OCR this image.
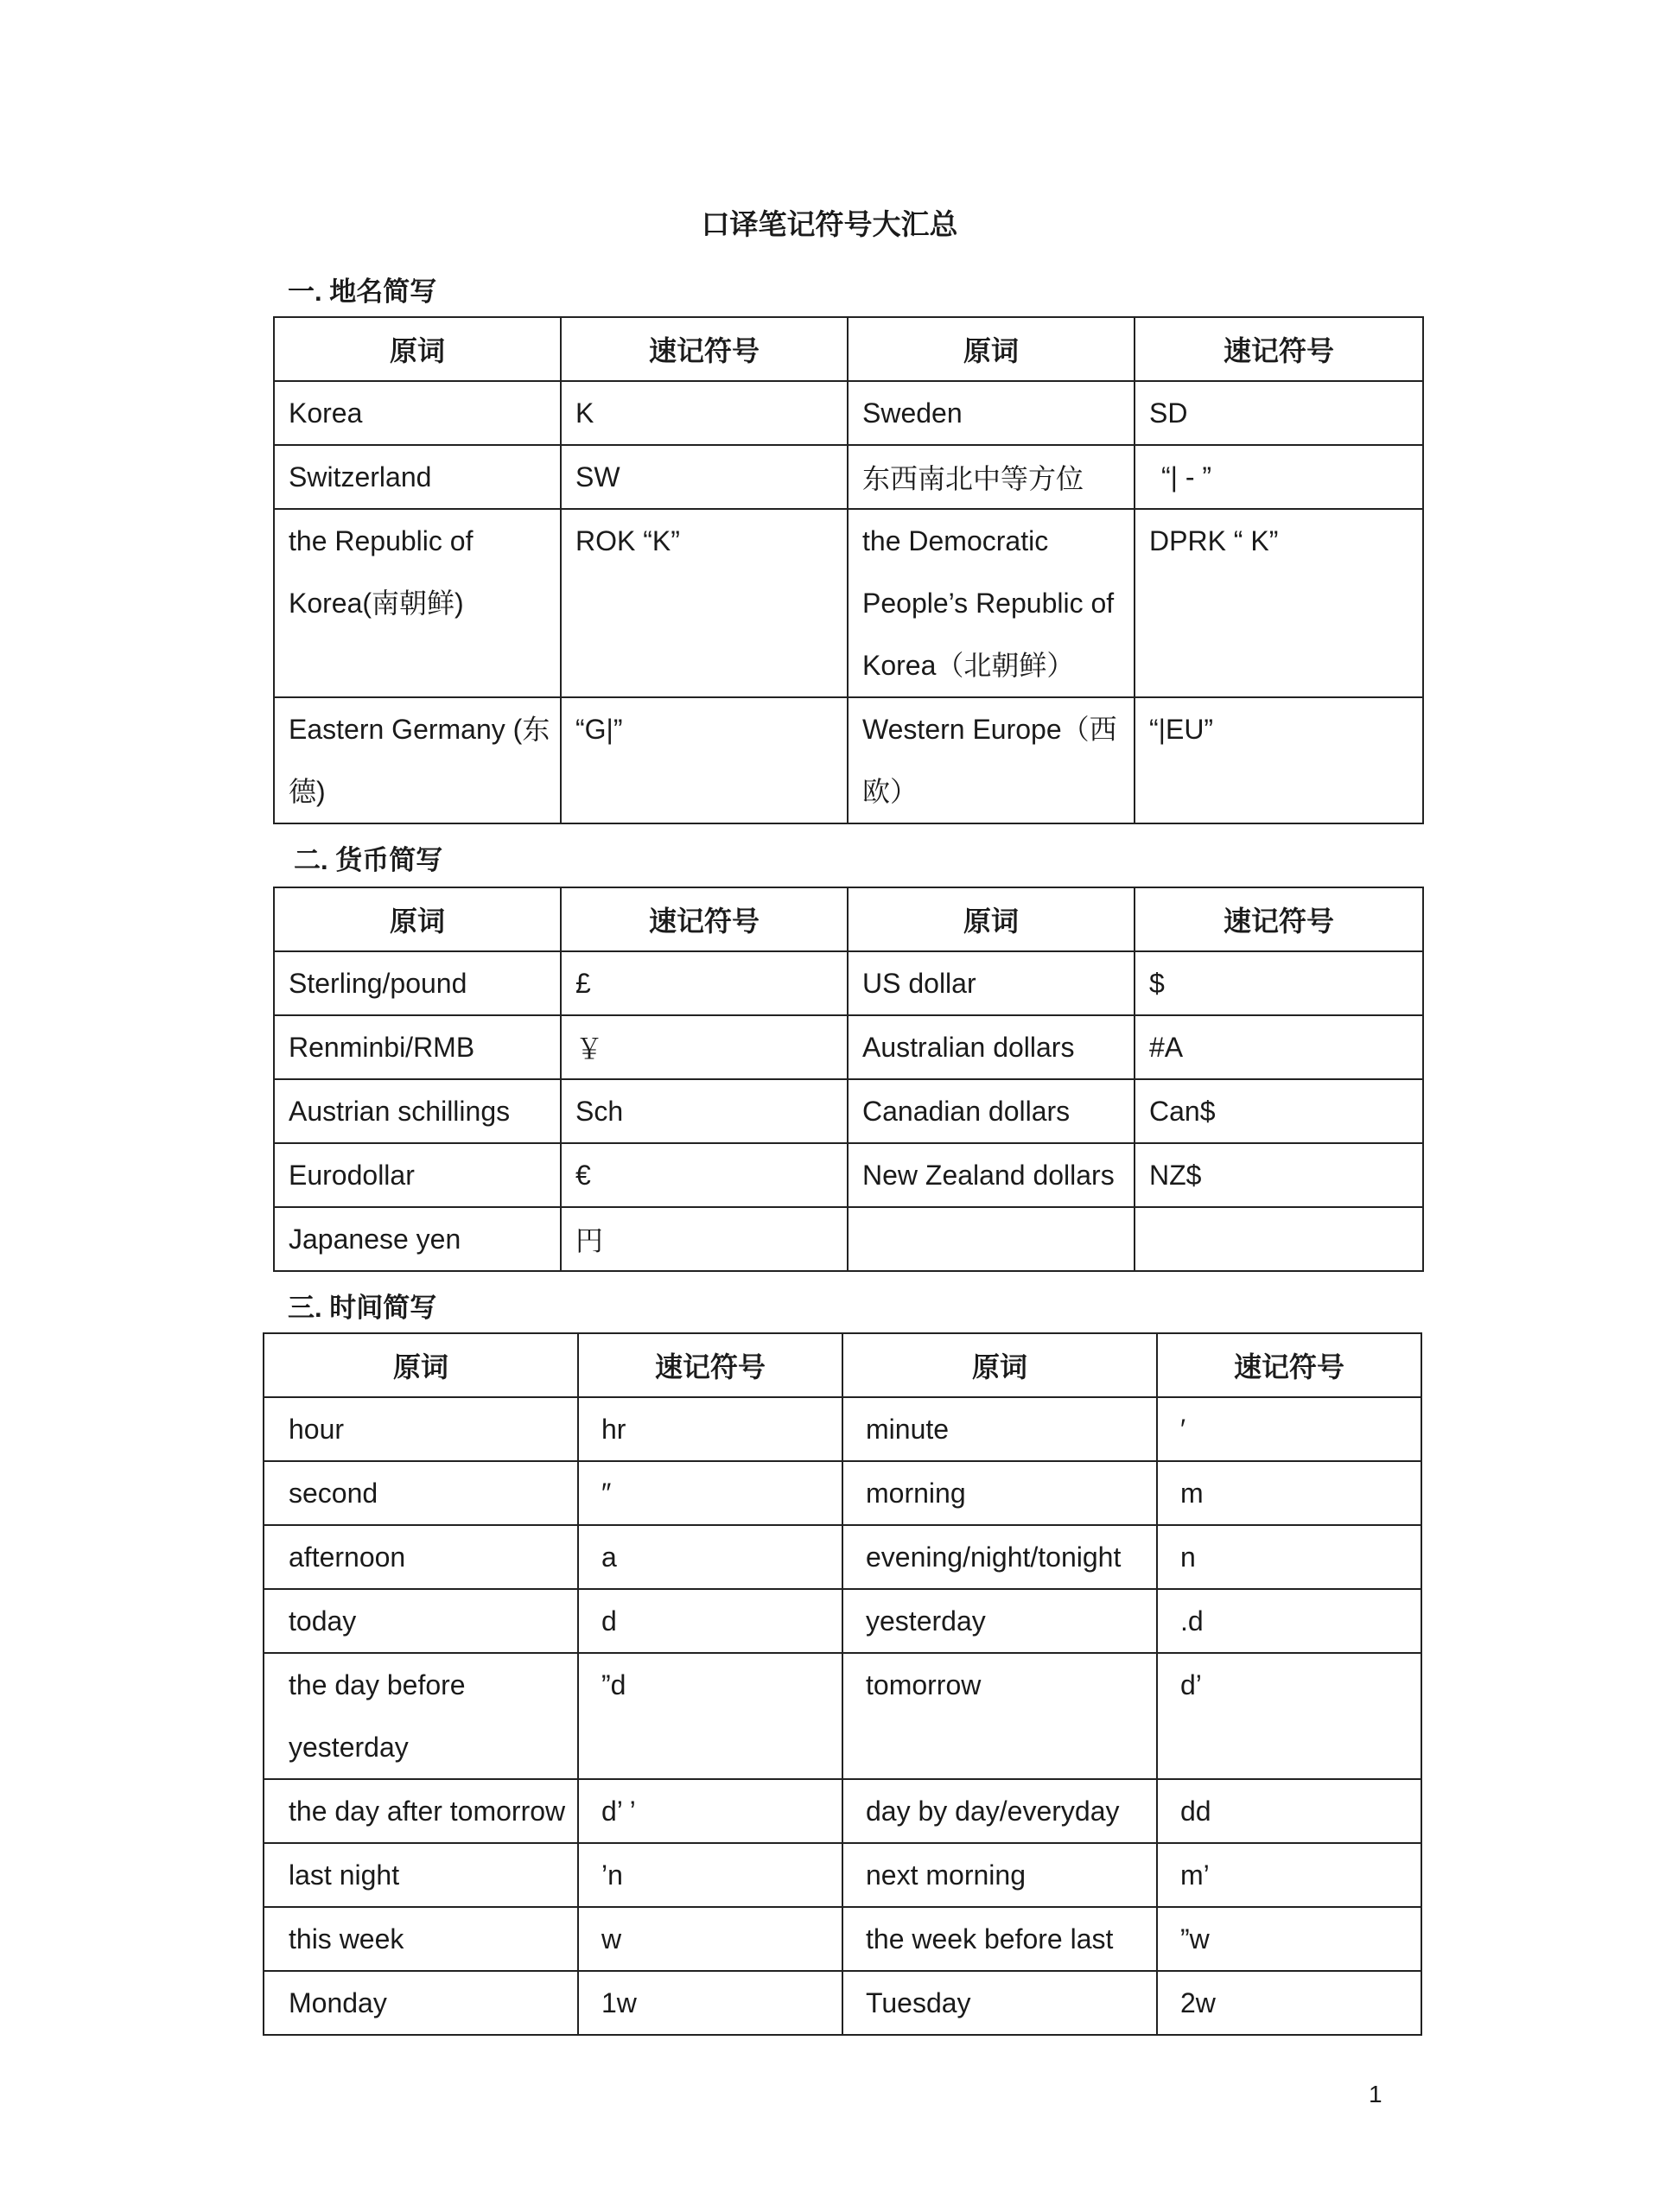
口译笔记符号大汇总
一. 地名简写
原词	速记符号	原词	速记符号
Korea	K	Sweden	SD
Switzerland	SW	东西南北中等方位	“| - ”
the Republic of Korea(南朝鲜)	ROK “K”	the Democratic People’s Republic of Korea（北朝鲜）	DPRK “ K”
Eastern Germany (东德)	“G|”	Western Europe（西欧）	“|EU”
二. 货币简写
原词	速记符号	原词	速记符号
Sterling/pound	£	US dollar	$
Renminbi/RMB	￥	Australian dollars	#A
Austrian schillings	Sch	Canadian dollars	Can$
Eurodollar	€	New Zealand dollars	NZ$
Japanese yen	円		
三. 时间简写
原词	速记符号	原词	速记符号
hour	hr	minute	′
second	″	morning	m
afternoon	a	evening/night/tonight	n
today	d	yesterday	.d
the day before yesterday	”d	tomorrow	d’
the day after tomorrow	d’ ’	day by day/everyday	dd
last night	’n	next morning	m’
this week	w	the week before last	”w
Monday	1w	Tuesday	2w
1
